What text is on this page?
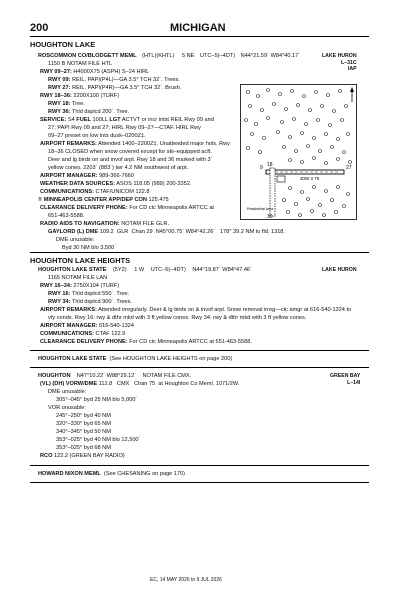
200	MICHIGAN
HOUGHTON LAKE
ROSCOMMON CO/BLODGETT MEML (HTL)(KHTL) 5 NE UTC–5(–4DT) N44°21.59´ W84°40.17´	LAKE HURON
L–31C
IAP
1150 B NOTAM FILE HTL
RWY 09–27: H4000X75 (ASPH) S–24 HIRL
RWY 09: REIL. PAPI(P4L)—GA 3.5° TCH 32´. Trees.
RWY 27: REIL. PAPI(P4R)—GA 3.5° TCH 32´. Brush.
RWY 18–36: 2200X100 (TURF)
RWY 18: Tree.
RWY 36: Thld dsplcd 200´. Tree.
SERVICE: S4 FUEL 100LL LGT ACTVT or incr intst REIL Rwy 09 and
27; PAPI Rwy 09 and 27; HIRL Rwy 09–27—CTAF. HIRL Rwy
09–27 preset on low ints dusk–0200Z‡.
AIRPORT REMARKS: Attended 1400–2200Z‡. Unattended major hols. Rwy
18–36 CLOSED when snow covered except for ski–equipped acft.
Deer and lg birds on and invof arpt. Rwy 18 and 36 marked with 3´
yellow cones. 2203´ (883´) twr 4.2 NM southwest of arpt.
AIRPORT MANAGER: 989-366-7660
WEATHER DATA SOURCES: ASOS 118.05 (989) 200-3352.
COMMUNICATIONS: CTAF/UNICOM 122.8
® MINNEAPOLIS CENTER APP/DEP CON 125.475
CLEARANCE DELIVERY PHONE: For CD ctc Minneapolis ARTCC at
651-463-5588.
RADIO AIDS TO NAVIGATION: NOTAM FILE GLR.
GAYLORD (L) DME 109.2 GLR Chan 29 N45°00.75´ W84°42.26´ 178° 39.2 NM to fld. 1318.
DME unusable:
Byd 30 NM blo 3,500´
9	27
18
36
4000 X 75
Residential Area
HOUGHTON LAKE HEIGHTS
HOUGHTON LAKE STATE (5Y2) 1 W UTC–5(–4DT) N44°19.87´ W84°47.46´	LAKE HURON
1165 NOTAM FILE LAN
RWY 16–34: 2750X104 (TURF)
RWY 16: Thld dsplcd 550´. Tree.
RWY 34: Thld dsplcd 900´. Trees.
AIRPORT REMARKS: Attended irregularly. Deer & lg birds on & invof arpt. Snow removal irreg—ctc amgr at 616-540-1324 to
vfy conds. Rwy 16: rwy & dthr mkd with 3 ft yellow cones. Rwy 34: rwy & dthr mkd with 3 ft yellow cones.
AIRPORT MANAGER: 616-540-1324
COMMUNICATIONS: CTAF 122.9
CLEARANCE DELIVERY PHONE: For CD ctc Minneapolis ARTCC at 651-463-5588.
HOUGHTON LAKE STATE (See HOUGHTON LAKE HEIGHTS on page 200)
HOUGHTON N47°10.22´ W88°29.12´ NOTAM FILE CMX.	GREEN BAY
L–14I
(VL) (DH) VORW/DME 112.8 CMX Chan 75 at Houghton Co Meml. 1071/2W.
DME unusable:
305°–045° byd 25 NM blo 5,000´
VOR unusable:
245°–250° byd 40 NM
320°–330° byd 65 NM
340°–345° byd 50 NM
353°–025° byd 40 NM blo 12,500´
353°–025° byd 68 NM
RCO 122.2 (GREEN BAY RADIO)
HOWARD NIXON MEML (See CHESANING on page 170)
EC, 14 MAY 2026 to 9 JUL 2026
